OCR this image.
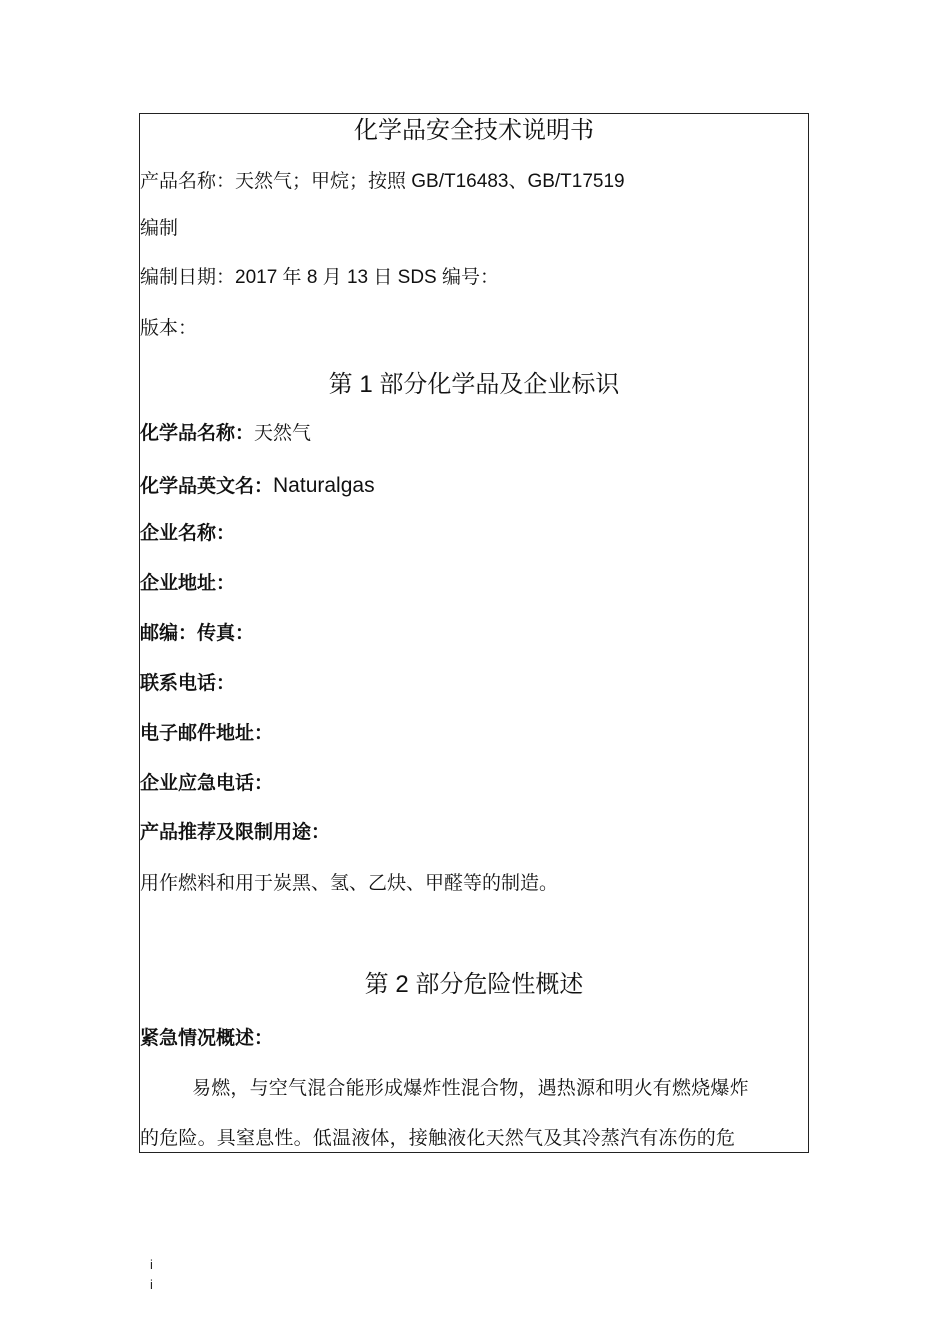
化学品安全技术说明书
产品名称：天然气；甲烷；按照 GB/T16483、GB/T17519
编制
编制日期：2017 年 8 月 13 日 SDS 编号：
版本：
第 1 部分化学品及企业标识
化学品名称：天然气
化学品英文名：Naturalgas
企业名称：
企业地址：
邮编：传真：
联系电话：
电子邮件地址：
企业应急电话：
产品推荐及限制用途：
用作燃料和用于炭黑、氢、乙炔、甲醛等的制造。
第 2 部分危险性概述
紧急情况概述：
易燃，与空气混合能形成爆炸性混合物，遇热源和明火有燃烧爆炸
的危险。具窒息性。低温液体，接触液化天然气及其冷蒸汽有冻伤的危
i
i
